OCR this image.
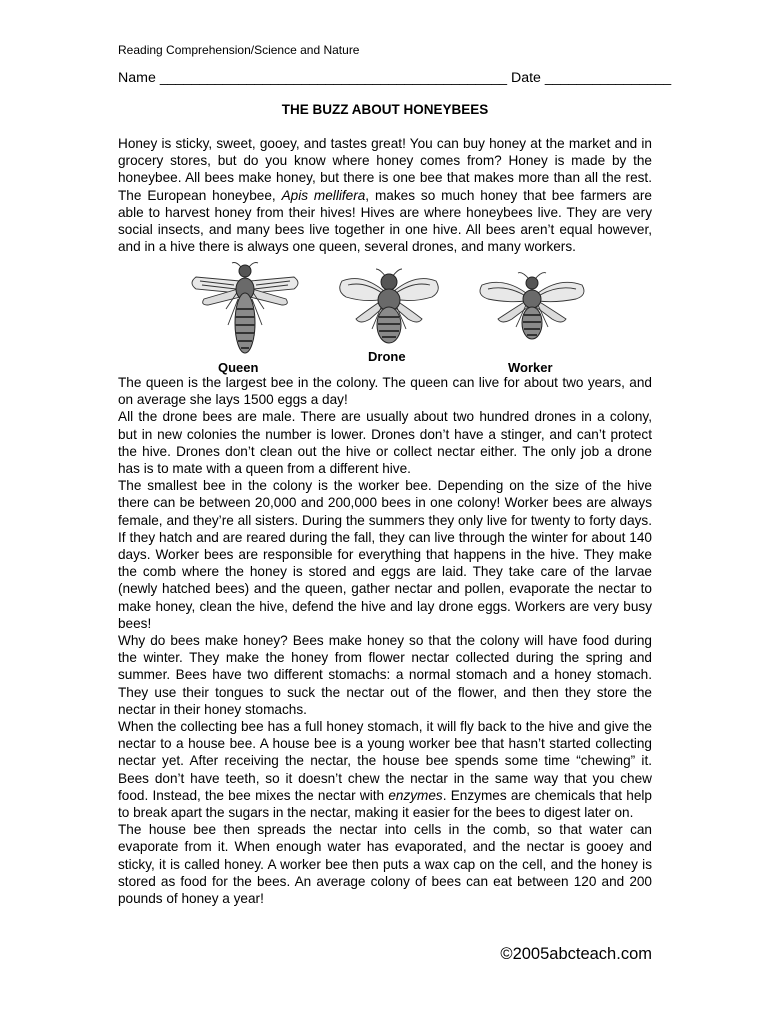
Reading Comprehension/Science and Nature
Name ____________________________________________ Date ________________
THE BUZZ ABOUT HONEYBEES

Honey is sticky, sweet, gooey, and tastes great! You can buy honey at the market and in grocery stores, but do you know where honey comes from? Honey is made by the honeybee. All bees make honey, but there is one bee that makes more than all the rest. The European honeybee, Apis mellifera, makes so much honey that bee farmers are able to harvest honey from their hives! Hives are where honeybees live. They are very social insects, and many bees live together in one hive. All bees aren’t equal however, and in a hive there is always one queen, several drones, and many workers.

Queen
Drone
Worker

The queen is the largest bee in the colony. The queen can live for about two years, and on average she lays 1500 eggs a day!

All the drone bees are male. There are usually about two hundred drones in a colony, but in new colonies the number is lower. Drones don’t have a stinger, and can’t protect the hive. Drones don’t clean out the hive or collect nectar either. The only job a drone has is to mate with a queen from a different hive.

The smallest bee in the colony is the worker bee. Depending on the size of the hive there can be between 20,000 and 200,000 bees in one colony! Worker bees are always female, and they’re all sisters. During the summers they only live for twenty to forty days. If they hatch and are reared during the fall, they can live through the winter for about 140 days. Worker bees are responsible for everything that happens in the hive. They make the comb where the honey is stored and eggs are laid. They take care of the larvae (newly hatched bees) and the queen, gather nectar and pollen, evaporate the nectar to make honey, clean the hive, defend the hive and lay drone eggs. Workers are very busy bees!

Why do bees make honey? Bees make honey so that the colony will have food during the winter. They make the honey from flower nectar collected during the spring and summer. Bees have two different stomachs: a normal stomach and a honey stomach. They use their tongues to suck the nectar out of the flower, and then they store the nectar in their honey stomachs.

When the collecting bee has a full honey stomach, it will fly back to the hive and give the nectar to a house bee. A house bee is a young worker bee that hasn’t started collecting nectar yet. After receiving the nectar, the house bee spends some time “chewing” it. Bees don’t have teeth, so it doesn’t chew the nectar in the same way that you chew food. Instead, the bee mixes the nectar with enzymes. Enzymes are chemicals that help to break apart the sugars in the nectar, making it easier for the bees to digest later on.

The house bee then spreads the nectar into cells in the comb, so that water can evaporate from it. When enough water has evaporated, and the nectar is gooey and sticky, it is called honey. A worker bee then puts a wax cap on the cell, and the honey is stored as food for the bees. An average colony of bees can eat between 120 and 200 pounds of honey a year!

©2005abcteach.com
